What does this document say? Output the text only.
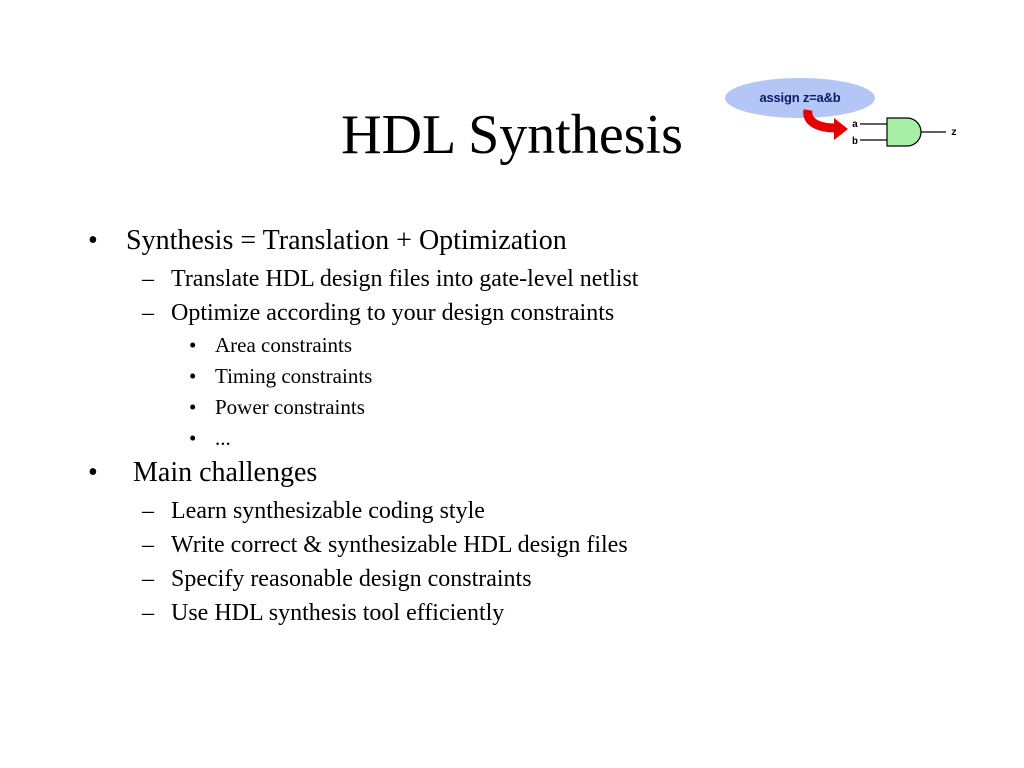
HDL Synthesis
assign z=a&b
a
b
z
• Synthesis = Translation + Optimization
– Translate HDL design files into gate-level netlist
– Optimize according to your design constraints
• Area constraints
• Timing constraints
• Power constraints
• ...
• Main challenges
– Learn synthesizable coding style
– Write correct & synthesizable HDL design files
– Specify reasonable design constraints
– Use HDL synthesis tool efficiently
